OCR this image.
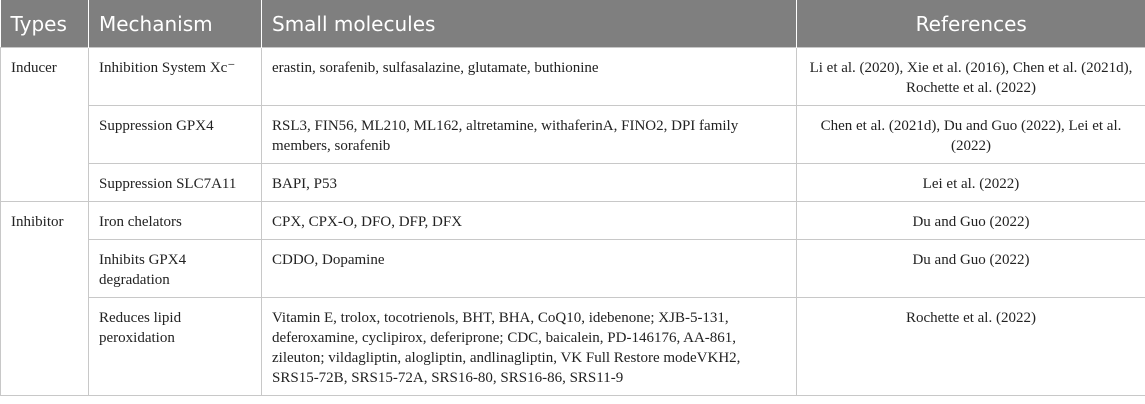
Types	Mechanism	Small molecules	References
Inducer	Inhibition System Xc⁻	erastin, sorafenib, sulfasalazine, glutamate, buthionine	Li et al. (2020), Xie et al. (2016), Chen et al. (2021d), Rochette et al. (2022)
	Suppression GPX4	RSL3, FIN56, ML210, ML162, altretamine, withaferinA, FINO2, DPI family members, sorafenib	Chen et al. (2021d), Du and Guo (2022), Lei et al. (2022)
	Suppression SLC7A11	BAPI, P53	Lei et al. (2022)
Inhibitor	Iron chelators	CPX, CPX-O, DFO, DFP, DFX	Du and Guo (2022)
	Inhibits GPX4 degradation	CDDO, Dopamine	Du and Guo (2022)
	Reduces lipid peroxidation	Vitamin E, trolox, tocotrienols, BHT, BHA, CoQ10, idebenone; XJB-5-131, deferoxamine, cyclipirox, deferiprone; CDC, baicalein, PD-146176, AA-861, zileuton; vildagliptin, alogliptin, andlinagliptin, VK Full Restore modeVKH2, SRS15-72B, SRS15-72A, SRS16-80, SRS16-86, SRS11-9	Rochette et al. (2022)
